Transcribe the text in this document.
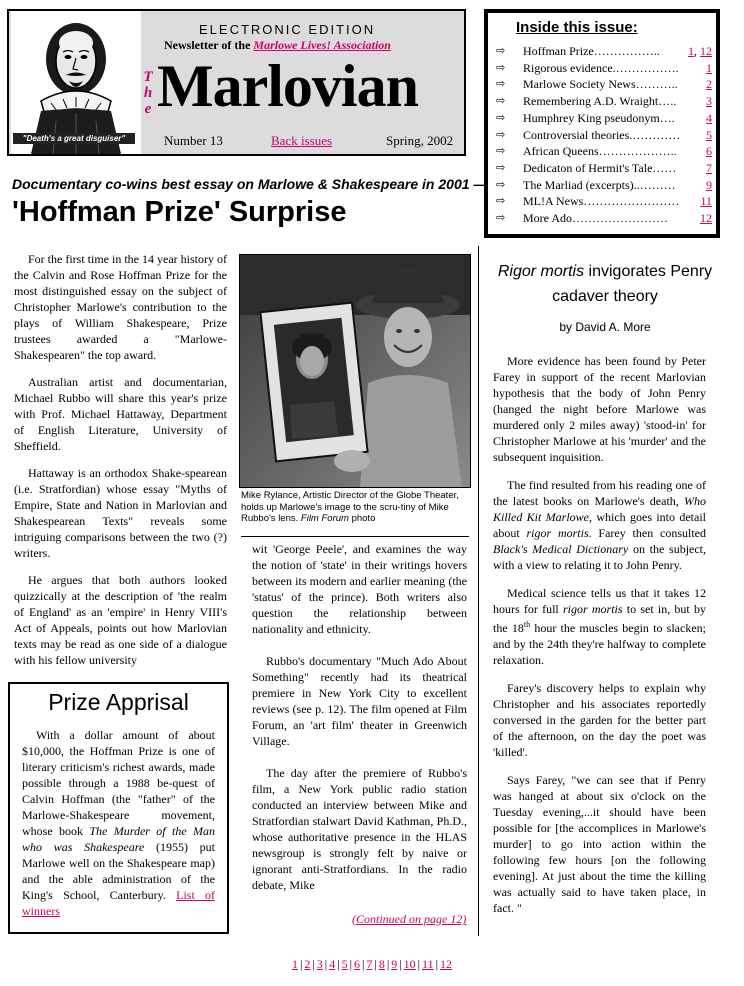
"Death's a great disguiser"
ELECTRONIC EDITION
Newsletter of the Marlowe Lives! Association
The Marlovian
Number 13	Back issues	Spring, 2002
Inside this issue:
⇨	Hoffman Prize ……………..	1 , 12
⇨	Rigorous evidence. …………….	1
⇨	Marlowe Society News ………..	2
⇨	Remembering A.D. Wraight …..	3
⇨	Humphrey King pseudonym ….	4
⇨	Controversial theories. …………	5
⇨	African Queens ………………..	6
⇨	Dedicaton of Hermit's Tale ……	7
⇨	The Marliad (excerpts) ..………	9
⇨	ML!A News ……………………	11
⇨	More Ado ……………………	12
Documentary co-wins best essay on Marlowe & Shakespeare in 2001 —
'Hoffman Prize' Surprise

For the first time in the 14 year history of the Calvin and Rose Hoffman Prize for the most distinguished essay on the subject of Christopher Marlowe's contribution to the plays of William Shakespeare, Prize trustees awarded a "Marlowe-Shakespearen" the top award.

Australian artist and documentarian, Michael Rubbo will share this year's prize with Prof. Michael Hattaway, Department of English Literature, University of Sheffield.

Hattaway is an orthodox Shake-spearean (i.e. Stratfordian) whose essay "Myths of Empire, State and Nation in Marlovian and Shakespearean Texts" reveals some intriguing comparisons between the two (?) writers.

He argues that both authors looked quizzically at the description of 'the realm of England' as an 'empire' in Henry VIII's Act of Appeals, points out how Marlovian texts may be read as one side of a dialogue with his fellow university

Mike Rylance, Artistic Director of the Globe Theater, holds up Marlowe's image to the scru-tiny of Mike Rubbo's lens. Film Forum photo

wit 'George Peele', and examines the way the notion of 'state' in their writings hovers between its modern and earlier meaning (the 'status' of the prince). Both writers also question the relationship between nationality and ethnicity.

Rubbo's documentary "Much Ado About Something" recently had its theatrical premiere in New York City to excellent reviews (see p. 12). The film opened at Film Forum, an 'art film' theater in Greenwich Village.

The day after the premiere of Rubbo's film, a New York public radio station conducted an interview between Mike and Stratfordian stalwart David Kathman, Ph.D., whose authoritative presence in the HLAS newsgroup is strongly felt by naive or ignorant anti-Stratfordians. In the radio debate, Mike

(Continued on page 12)
Prize Apprisal

With a dollar amount of about $10,000, the Hoffman Prize is one of literary criticism's richest awards, made possible through a 1988 be-quest of Calvin Hoffman (the "father" of the Marlowe-Shakespeare movement, whose book The Murder of the Man who was Shakespeare (1955) put Marlowe well on the Shakespeare map) and the able administration of the King's School, Canterbury. List of winners

Rigor mortis invigorates Penry cadaver theory
by David A. More

More evidence has been found by Peter Farey in support of the recent Marlovian hypothesis that the body of John Penry (hanged the night before Marlowe was murdered only 2 miles away) 'stood-in' for Christopher Marlowe at his 'murder' and the subsequent inquisition.

The find resulted from his reading one of the latest books on Marlowe's death, Who Killed Kit Marlowe, which goes into detail about rigor mortis. Farey then consulted Black's Medical Dictionary on the subject, with a view to relating it to John Penry.

Medical science tells us that it takes 12 hours for full rigor mortis to set in, but by the 18th hour the muscles begin to slacken; and by the 24th they're halfway to complete relaxation.

Farey's discovery helps to explain why Christopher and his associates reportedly conversed in the garden for the better part of the afternoon, on the day the poet was 'killed'.

Says Farey, "we can see that if Penry was hanged at about six o'clock on the Tuesday evening,...it should have been possible for [the accomplices in Marlowe's murder] to go into action within the following few hours [on the following evening]. At just about the time the killing was actually said to have taken place, in fact. "

1 | 2 | 3 | 4 | 5 | 6 | 7 | 8 | 9 | 10 | 11 | 12
